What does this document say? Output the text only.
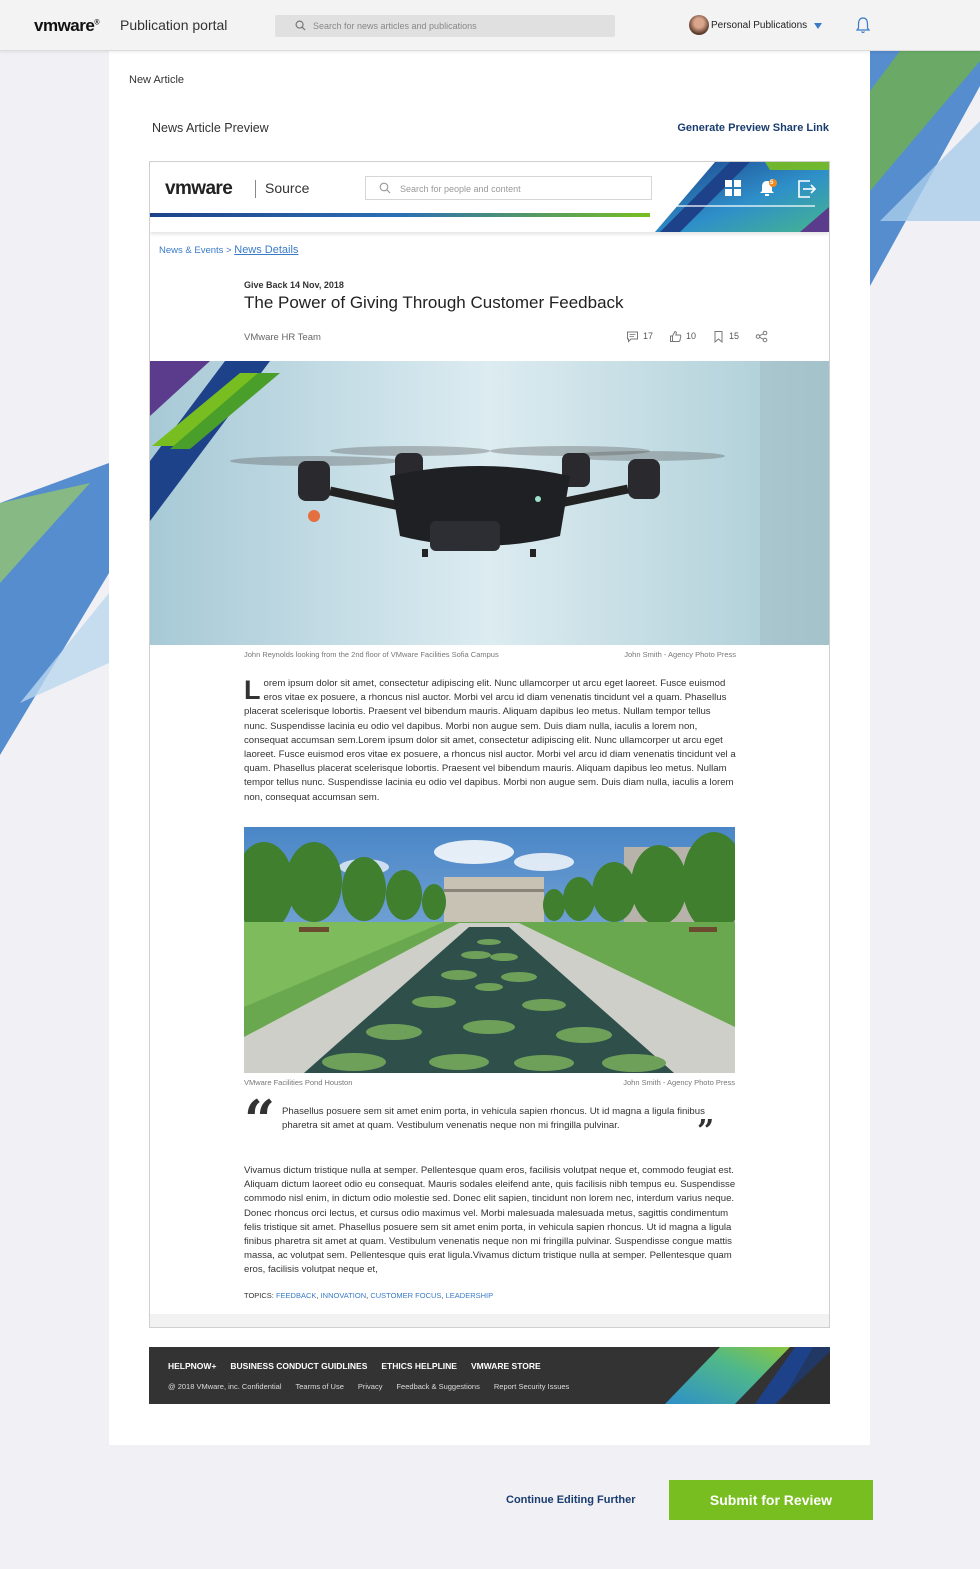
vmware® Publication portal	Search for news articles and publications	Personal Publications
New Article
News Article Preview	Generate Preview Share Link
vmware Source	Search for people and content
5
News & Events > News Details
Give Back 14 Nov, 2018
The Power of Giving Through Customer Feedback
VMware HR Team	17	10	15
John Reynolds looking from the 2nd floor of VMware Facilities Sofia Campus	John Smith - Agency Photo Press
Lorem ipsum dolor sit amet, consectetur adipiscing elit. Nunc ullamcorper ut arcu eget laoreet. Fusce euismod eros vitae ex posuere, a rhoncus nisl auctor. Morbi vel arcu id diam venenatis tincidunt vel a quam. Phasellus placerat scelerisque lobortis. Praesent vel bibendum mauris. Aliquam dapibus leo metus. Nullam tempor tellus nunc. Suspendisse lacinia eu odio vel dapibus. Morbi non augue sem. Duis diam nulla, iaculis a lorem non, consequat accumsan sem.Lorem ipsum dolor sit amet, consectetur adipiscing elit. Nunc ullamcorper ut arcu eget laoreet. Fusce euismod eros vitae ex posuere, a rhoncus nisl auctor. Morbi vel arcu id diam venenatis tincidunt vel a quam. Phasellus placerat scelerisque lobortis. Praesent vel bibendum mauris. Aliquam dapibus leo metus. Nullam tempor tellus nunc. Suspendisse lacinia eu odio vel dapibus. Morbi non augue sem. Duis diam nulla, iaculis a lorem non, consequat accumsan sem.
VMware Facilities Pond Houston	John Smith - Agency Photo Press
“ Phasellus posuere sem sit amet enim porta, in vehicula sapien rhoncus. Ut id magna a ligula finibus pharetra sit amet at quam. Vestibulum venenatis neque non mi fringilla pulvinar.	”
Vivamus dictum tristique nulla at semper. Pellentesque quam eros, facilisis volutpat neque et, commodo feugiat est. Aliquam dictum laoreet odio eu consequat. Mauris sodales eleifend ante, quis facilisis nibh tempus eu. Suspendisse commodo nisl enim, in dictum odio molestie sed. Donec elit sapien, tincidunt non lorem nec, interdum varius neque. Donec rhoncus orci lectus, et cursus odio maximus vel. Morbi malesuada malesuada metus, sagittis condimentum felis tristique sit amet. Phasellus posuere sem sit amet enim porta, in vehicula sapien rhoncus. Ut id magna a ligula finibus pharetra sit amet at quam. Vestibulum venenatis neque non mi fringilla pulvinar. Suspendisse congue mattis massa, ac volutpat sem. Pellentesque quis erat ligula.Vivamus dictum tristique nulla at semper. Pellentesque quam eros, facilisis volutpat neque et,
TOPICS: FEEDBACK, INNOVATION, CUSTOMER FOCUS, LEADERSHIP
HELPNOW+ BUSINESS CONDUCT GUIDLINES ETHICS HELPLINE VMWARE STORE
@ 2018 VMware, inc. Confidential Tearms of Use Privacy Feedback & Suggestions Report Security Issues
Continue Editing Further	Submit for Review
